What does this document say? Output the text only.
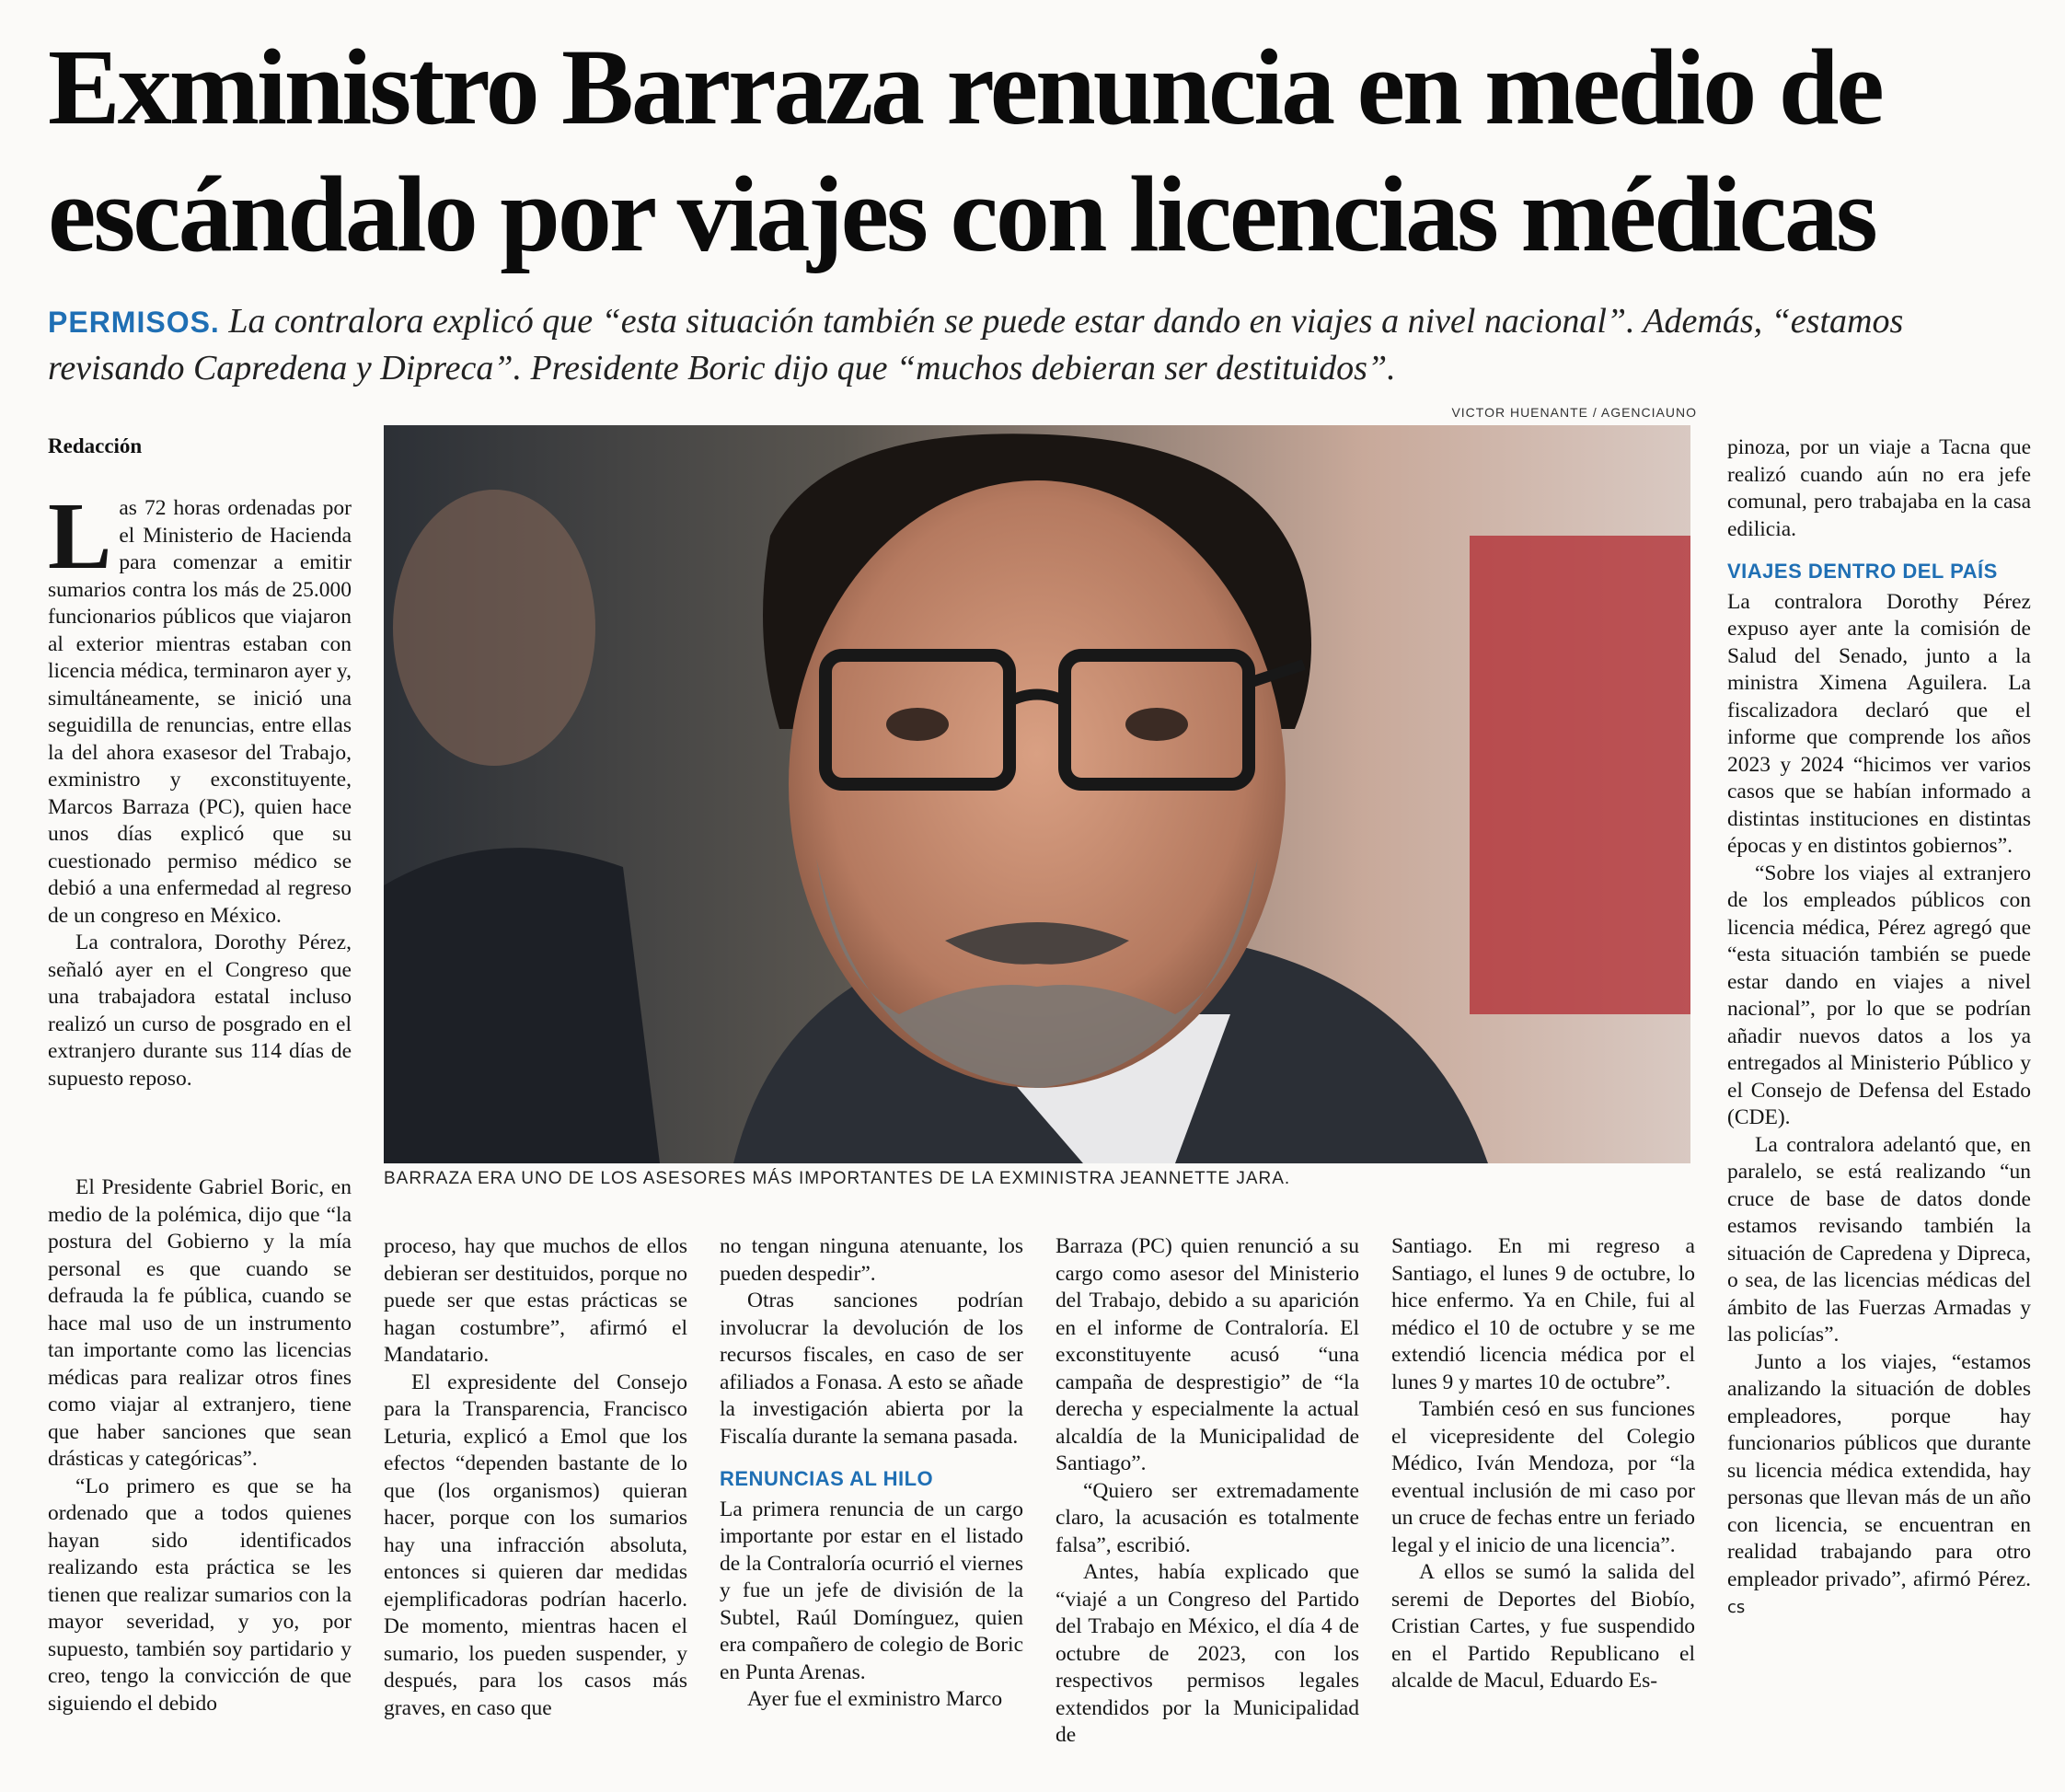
Exministro Barraza renuncia en medio de escándalo por viajes con licencias médicas

PERMISOS. La contralora explicó que “esta situación también se puede estar dando en viajes a nivel nacional”. Además, “estamos revisando Capredena y Dipreca”. Presidente Boric dijo que “muchos debieran ser destituidos”.

VICTOR HUENANTE / AGENCIAUNO
BARRAZA ERA UNO DE LOS ASESORES MÁS IMPORTANTES DE LA EXMINISTRA JEANNETTE JARA.
Redacción

Las 72 horas ordenadas por el Ministerio de Hacienda para comenzar a emitir sumarios contra los más de 25.000 funcionarios públicos que viajaron al exterior mientras estaban con licencia médica, terminaron ayer y, simultáneamente, se inició una seguidilla de renuncias, entre ellas la del ahora exasesor del Trabajo, exministro y exconstituyente, Marcos Barraza (PC), quien hace unos días explicó que su cuestionado permiso médico se debió a una enfermedad al regreso de un congreso en México.

La contralora, Dorothy Pérez, señaló ayer en el Congreso que una trabajadora estatal incluso realizó un curso de posgrado en el extranjero durante sus 114 días de supuesto reposo.

El Presidente Gabriel Boric, en medio de la polémica, dijo que “la postura del Gobierno y la mía personal es que cuando se defrauda la fe pública, cuando se hace mal uso de un instrumento tan importante como las licencias médicas para realizar otros fines como viajar al extranjero, tiene que haber sanciones que sean drásticas y categóricas”.

“Lo primero es que se ha ordenado que a todos quienes hayan sido identificados realizando esta práctica se les tienen que realizar sumarios con la mayor severidad, y yo, por supuesto, también soy partidario y creo, tengo la convicción de que siguiendo el debido

proceso, hay que muchos de ellos debieran ser destituidos, porque no puede ser que estas prácticas se hagan costumbre”, afirmó el Mandatario.

El expresidente del Consejo para la Transparencia, Francisco Leturia, explicó a Emol que los efectos “dependen bastante de lo que (los organismos) quieran hacer, porque con los sumarios hay una infracción absoluta, entonces si quieren dar medidas ejemplificadoras podrían hacerlo. De momento, mientras hacen el sumario, los pueden suspender, y después, para los casos más graves, en caso que

no tengan ninguna atenuante, los pueden despedir”.

Otras sanciones podrían involucrar la devolución de los recursos fiscales, en caso de ser afiliados a Fonasa. A esto se añade la investigación abierta por la Fiscalía durante la semana pasada.

RENUNCIAS AL HILO

La primera renuncia de un cargo importante por estar en el listado de la Contraloría ocurrió el viernes y fue un jefe de división de la Subtel, Raúl Domínguez, quien era compañero de colegio de Boric en Punta Arenas.

Ayer fue el exministro Marco

Barraza (PC) quien renunció a su cargo como asesor del Ministerio del Trabajo, debido a su aparición en el informe de Contraloría. El exconstituyente acusó “una campaña de desprestigio” de “la derecha y especialmente la actual alcaldía de la Municipalidad de Santiago”.

“Quiero ser extremadamente claro, la acusación es totalmente falsa”, escribió.

Antes, había explicado que “viajé a un Congreso del Partido del Trabajo en México, el día 4 de octubre de 2023, con los respectivos permisos legales extendidos por la Municipalidad de

Santiago. En mi regreso a Santiago, el lunes 9 de octubre, lo hice enfermo. Ya en Chile, fui al médico el 10 de octubre y se me extendió licencia médica por el lunes 9 y martes 10 de octubre”.

También cesó en sus funciones el vicepresidente del Colegio Médico, Iván Mendoza, por “la eventual inclusión de mi caso por un cruce de fechas entre un feriado legal y el inicio de una licencia”.

A ellos se sumó la salida del seremi de Deportes del Biobío, Cristian Cartes, y fue suspendido en el Partido Republicano el alcalde de Macul, Eduardo Es-

pinoza, por un viaje a Tacna que realizó cuando aún no era jefe comunal, pero trabajaba en la casa edilicia.

VIAJES DENTRO DEL PAÍS

La contralora Dorothy Pérez expuso ayer ante la comisión de Salud del Senado, junto a la ministra Ximena Aguilera. La fiscalizadora declaró que el informe que comprende los años 2023 y 2024 “hicimos ver varios casos que se habían informado a distintas instituciones en distintas épocas y en distintos gobiernos”.

“Sobre los viajes al extranjero de los empleados públicos con licencia médica, Pérez agregó que “esta situación también se puede estar dando en viajes a nivel nacional”, por lo que se podrían añadir nuevos datos a los ya entregados al Ministerio Público y el Consejo de Defensa del Estado (CDE).

La contralora adelantó que, en paralelo, se está realizando “un cruce de base de datos donde estamos revisando también la situación de Capredena y Dipreca, o sea, de las licencias médicas del ámbito de las Fuerzas Armadas y las policías”.

Junto a los viajes, “estamos analizando la situación de dobles empleadores, porque hay funcionarios públicos que durante su licencia médica extendida, hay personas que llevan más de un año con licencia, se encuentran en realidad trabajando para otro empleador privado”, afirmó Pérez. cs
